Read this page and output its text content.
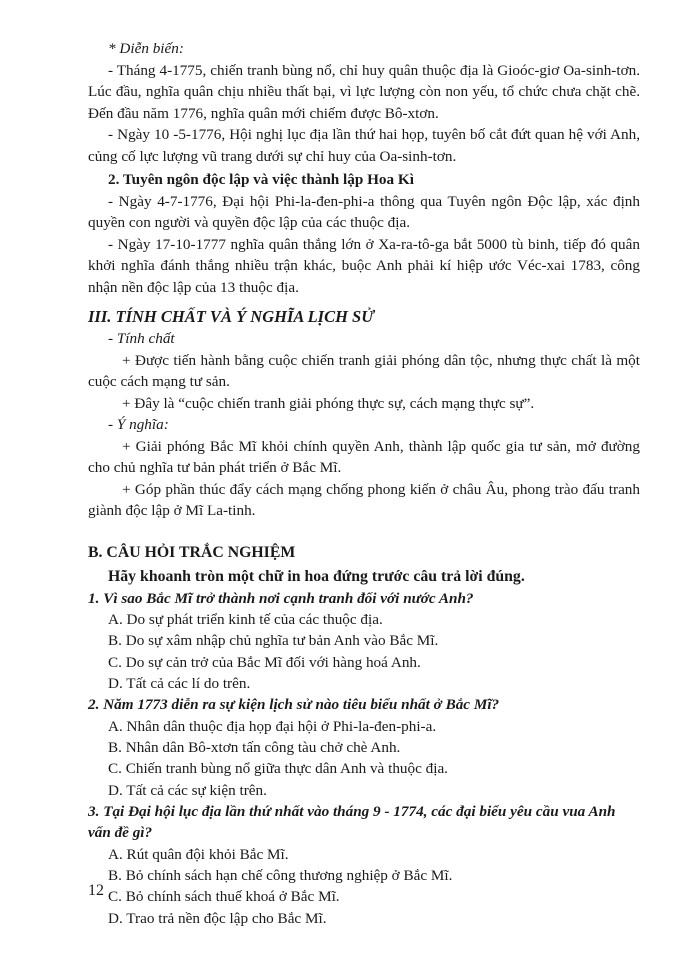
* Diễn biến:

- Tháng 4-1775, chiến tranh bùng nổ, chỉ huy quân thuộc địa là Gioóc-giơ Oa-sinh-tơn. Lúc đầu, nghĩa quân chịu nhiều thất bại, vì lực lượng còn non yếu, tổ chức chưa chặt chẽ. Đến đầu năm 1776, nghĩa quân mới chiếm được Bô-xtơn.

- Ngày 10 -5-1776, Hội nghị lục địa lần thứ hai họp, tuyên bố cắt đứt quan hệ với Anh, củng cố lực lượng vũ trang dưới sự chỉ huy của Oa-sinh-tơn.

2. Tuyên ngôn độc lập và việc thành lập Hoa Kì

- Ngày 4-7-1776, Đại hội Phi-la-đen-phi-a thông qua Tuyên ngôn Độc lập, xác định quyền con người và quyền độc lập của các thuộc địa.

- Ngày 17-10-1777 nghĩa quân thắng lớn ở Xa-ra-tô-ga bắt 5000 tù binh, tiếp đó quân khởi nghĩa đánh thắng nhiều trận khác, buộc Anh phải kí hiệp ước Véc-xai 1783, công nhận nền độc lập của 13 thuộc địa.

III. TÍNH CHẤT VÀ Ý NGHĨA LỊCH SỬ

- Tính chất

+ Được tiến hành bằng cuộc chiến tranh giải phóng dân tộc, nhưng thực chất là một cuộc cách mạng tư sản.

+ Đây là “cuộc chiến tranh giải phóng thực sự, cách mạng thực sự”.

- Ý nghĩa:

+ Giải phóng Bắc Mĩ khỏi chính quyền Anh, thành lập quốc gia tư sản, mở đường cho chủ nghĩa tư bản phát triển ở Bắc Mĩ.

+ Góp phần thúc đẩy cách mạng chống phong kiến ở châu Âu, phong trào đấu tranh giành độc lập ở Mĩ La-tinh.

B. CÂU HỎI TRẮC NGHIỆM

Hãy khoanh tròn một chữ in hoa đứng trước câu trả lời đúng.

1. Vì sao Bắc Mĩ trở thành nơi cạnh tranh đối với nước Anh?

A. Do sự phát triển kinh tế của các thuộc địa.
B. Do sự xâm nhập chủ nghĩa tư bản Anh vào Bắc Mĩ.
C. Do sự cản trở của Bắc Mĩ đối với hàng hoá Anh.
D. Tất cả các lí do trên.

2. Năm 1773 diễn ra sự kiện lịch sử nào tiêu biểu nhất ở Bắc Mĩ?

A. Nhân dân thuộc địa họp đại hội ở Phi-la-đen-phi-a.
B. Nhân dân Bô-xtơn tấn công tàu chở chè Anh.
C. Chiến tranh bùng nổ giữa thực dân Anh và thuộc địa.
D. Tất cả các sự kiện trên.

3. Tại Đại hội lục địa lần thứ nhất vào tháng 9 - 1774, các đại biểu yêu cầu vua Anh vấn đề gì?

A. Rút quân đội khỏi Bắc Mĩ.
B. Bỏ chính sách hạn chế công thương nghiệp ở Bắc Mĩ.
C. Bỏ chính sách thuế khoá ở Bắc Mĩ.
D. Trao trả nền độc lập cho Bắc Mĩ.
12
